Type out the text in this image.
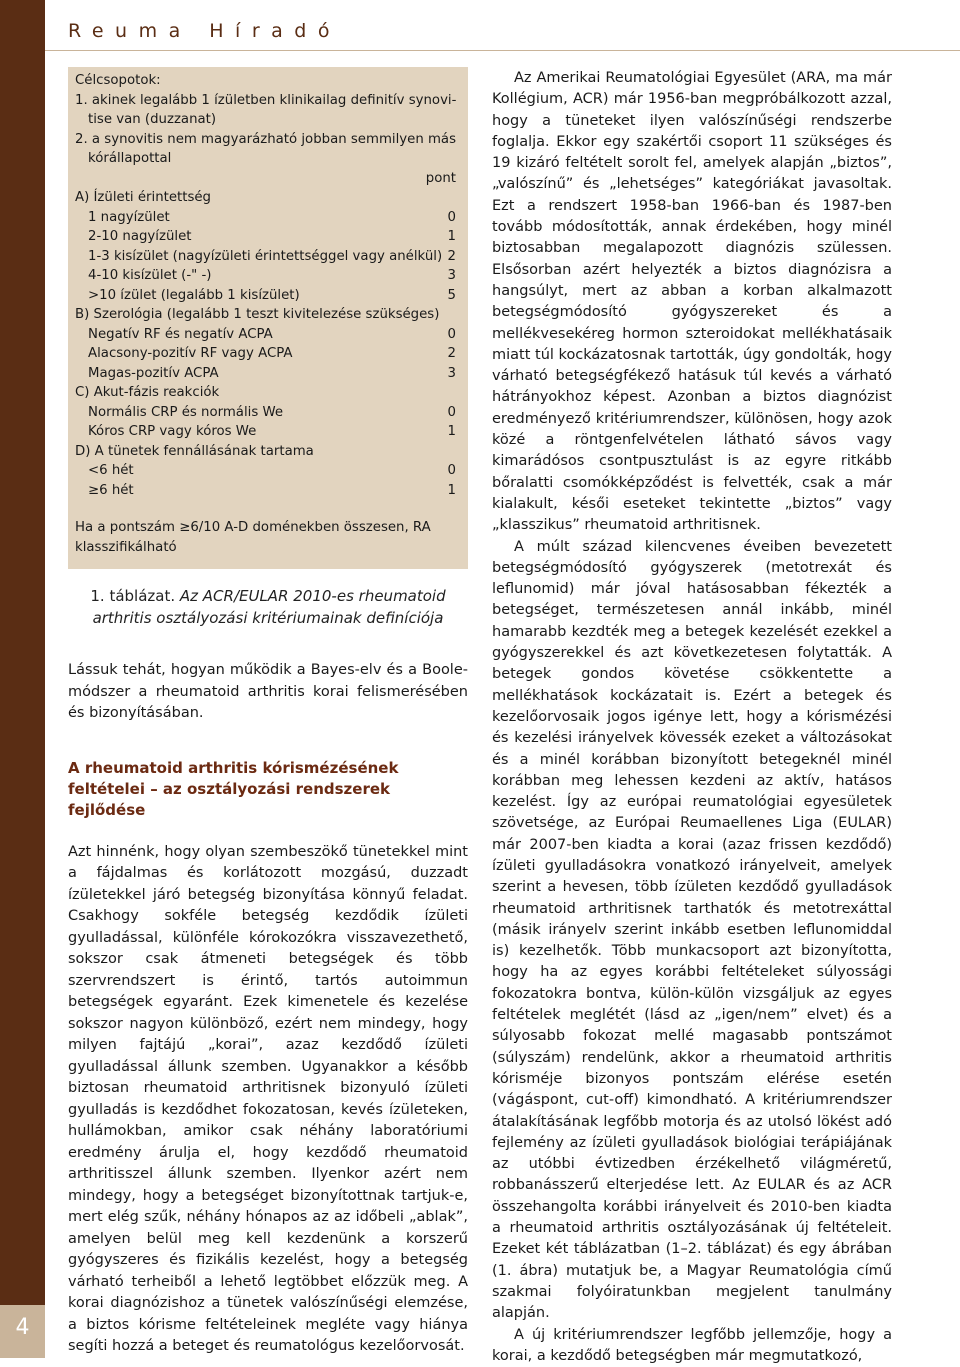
4
Reuma Híradó
Célcsopotok:
1. akinek legalább 1 ízületben klinikailag definitív synovi-
tise van (duzzanat)
2. a synovitis nem magyarázható jobban semmilyen más
kórállapottal
pont
A) Ízületi érintettség
1 nagyízület	0
2-10 nagyízület	1
1-3 kisízület (nagyízületi érintettséggel vagy anélkül) 2
4-10 kisízület (-" -)	3
>10 ízület (legalább 1 kisízület)	5
B) Szerológia (legalább 1 teszt kivitelezése szükséges)
Negatív RF és negatív ACPA	0
Alacsony-pozitív RF vagy ACPA	2
Magas-pozitív ACPA	3
C) Akut-fázis reakciók
Normális CRP és normális We	0
Kóros CRP vagy kóros We	1
D) A tünetek fennállásának tartama
<6 hét	0
≥6 hét	1
Ha a pontszám ≥6/10 A-D doménekben összesen, RA
klasszifikálható
1. táblázat. Az ACR/EULAR 2010-es rheumatoid arthritis osztályozási kritériumainak definíciója

Lássuk tehát, hogyan működik a Bayes-elv és a Boole-módszer a rheumatoid arthritis korai felismerésében és bizonyításában.

A rheumatoid arthritis kórismézésének feltételei – az osztályozási rendszerek fejlődése

Azt hinnénk, hogy olyan szembeszökő tünetekkel mint a fájdalmas és korlátozott mozgású, duzzadt ízületekkel járó betegség bizonyítása könnyű feladat. Csakhogy sokféle betegség kezdődik ízületi gyulladással, különféle kórokozókra visszavezethető, sokszor csak átmeneti betegségek és több szervrendszert is érintő, tartós autoimmun betegségek egyaránt. Ezek kimenetele és kezelése sokszor nagyon különböző, ezért nem mindegy, hogy milyen fajtájú „korai”, azaz kezdődő ízületi gyulladással állunk szemben. Ugyanakkor a később biztosan rheumatoid arthritisnek bizonyuló ízületi gyulladás is kezdődhet fokozatosan, kevés ízületeken, hullámokban, amikor csak néhány laboratóriumi eredmény árulja el, hogy kezdődő rheumatoid arthritisszel állunk szemben. Ilyenkor azért nem mindegy, hogy a betegséget bizonyítottnak tartjuk-e, mert elég szűk, néhány hónapos az az időbeli „ablak”, amelyen belül meg kell kezdenünk a korszerű gyógyszeres és fizikális kezelést, hogy a betegség várható terheiből a lehető legtöbbet előzzük meg. A korai diagnózishoz a tünetek valószínűségi elemzése, a biztos kórisme feltételeinek megléte vagy hiánya segíti hozzá a beteget és reumatológus kezelőorvosát.

Az Amerikai Reumatológiai Egyesület (ARA, ma már Kollégium, ACR) már 1956-ban megpróbálkozott azzal, hogy a tüneteket ilyen valószínűségi rendszerbe foglalja. Ekkor egy szakértői csoport 11 szükséges és 19 kizáró feltételt sorolt fel, amelyek alapján „biztos”, „valószínű” és „lehetséges” kategóriákat javasoltak. Ezt a rendszert 1958-ban 1966-ban és 1987-ben tovább módosították, annak érdekében, hogy minél biztosabban megalapozott diagnózis szülessen. Elsősorban azért helyezték a biztos diagnózisra a hangsúlyt, mert az abban a korban alkalmazott betegségmódosító gyógyszereket és a mellékvesekéreg hormon szteroidokat mellékhatásaik miatt túl kockázatosnak tartották, úgy gondolták, hogy várható betegségfékező hatásuk túl kevés a várható hátrányokhoz képest. Azonban a biztos diagnózist eredményező kritériumrendszer, különösen, hogy azok közé a röntgenfelvételen látható sávos vagy kimarádósos csontpusztulást is az egyre ritkább bőralatti csomókképződést is felvették, csak a már kialakult, késői eseteket tekintette „biztos” vagy „klasszikus” rheumatoid arthritisnek.

A múlt század kilencvenes éveiben bevezetett betegségmódosító gyógyszerek (metotrexát és leflunomid) már jóval hatásosabban fékezték a betegséget, természetesen annál inkább, minél hamarabb kezdték meg a betegek kezelését ezekkel a gyógyszerekkel és azt következetesen folytatták. A betegek gondos követése csökkentette a mellékhatások kockázatait is. Ezért a betegek és kezelőorvosaik jogos igénye lett, hogy a kórismézési és kezelési irányelvek kövessék ezeket a változásokat és a minél korábban bizonyított betegeknél minél korábban meg lehessen kezdeni az aktív, hatásos kezelést. Így az európai reumatológiai egyesületek szövetsége, az Európai Reumaellenes Liga (EULAR) már 2007-ben kiadta a korai (azaz frissen kezdődő) ízületi gyulladásokra vonatkozó irányelveit, amelyek szerint a hevesen, több ízületen kezdődő gyulladások rheumatoid arthritisnek tarthatók és metotrexáttal (másik irányelv szerint inkább esetben leflunomiddal is) kezelhetők. Több munkacsoport azt bizonyította, hogy ha az egyes korábbi feltételeket súlyossági fokozatokra bontva, külön-külön vizsgáljuk az egyes feltételek meglétét (lásd az „igen/nem” elvet) és a súlyosabb fokozat mellé magasabb pontszámot (súlyszám) rendelünk, akkor a rheumatoid arthritis kórisméje bizonyos pontszám elérése esetén (vágáspont, cut-off) kimondható. A kritériumrendszer átalakításának legfőbb motorja és az utolsó lökést adó fejlemény az ízületi gyulladások biológiai terápiájának az utóbbi évtizedben érzékelhető világméretű, robbanásszerű elterjedése lett. Az EULAR és az ACR összehangolta korábbi irányelveit és 2010-ben kiadta a rheumatoid arthritis osztályozásának új feltételeit. Ezeket két táblázatban (1–2. táblázat) és egy ábrában (1. ábra) mutatjuk be, a Magyar Reumatológia című szakmai folyóiratunkban megjelent tanulmány alapján.

A új kritériumrendszer legfőbb jellemzője, hogy a korai, a kezdődő betegségben már megmutatkozó,
